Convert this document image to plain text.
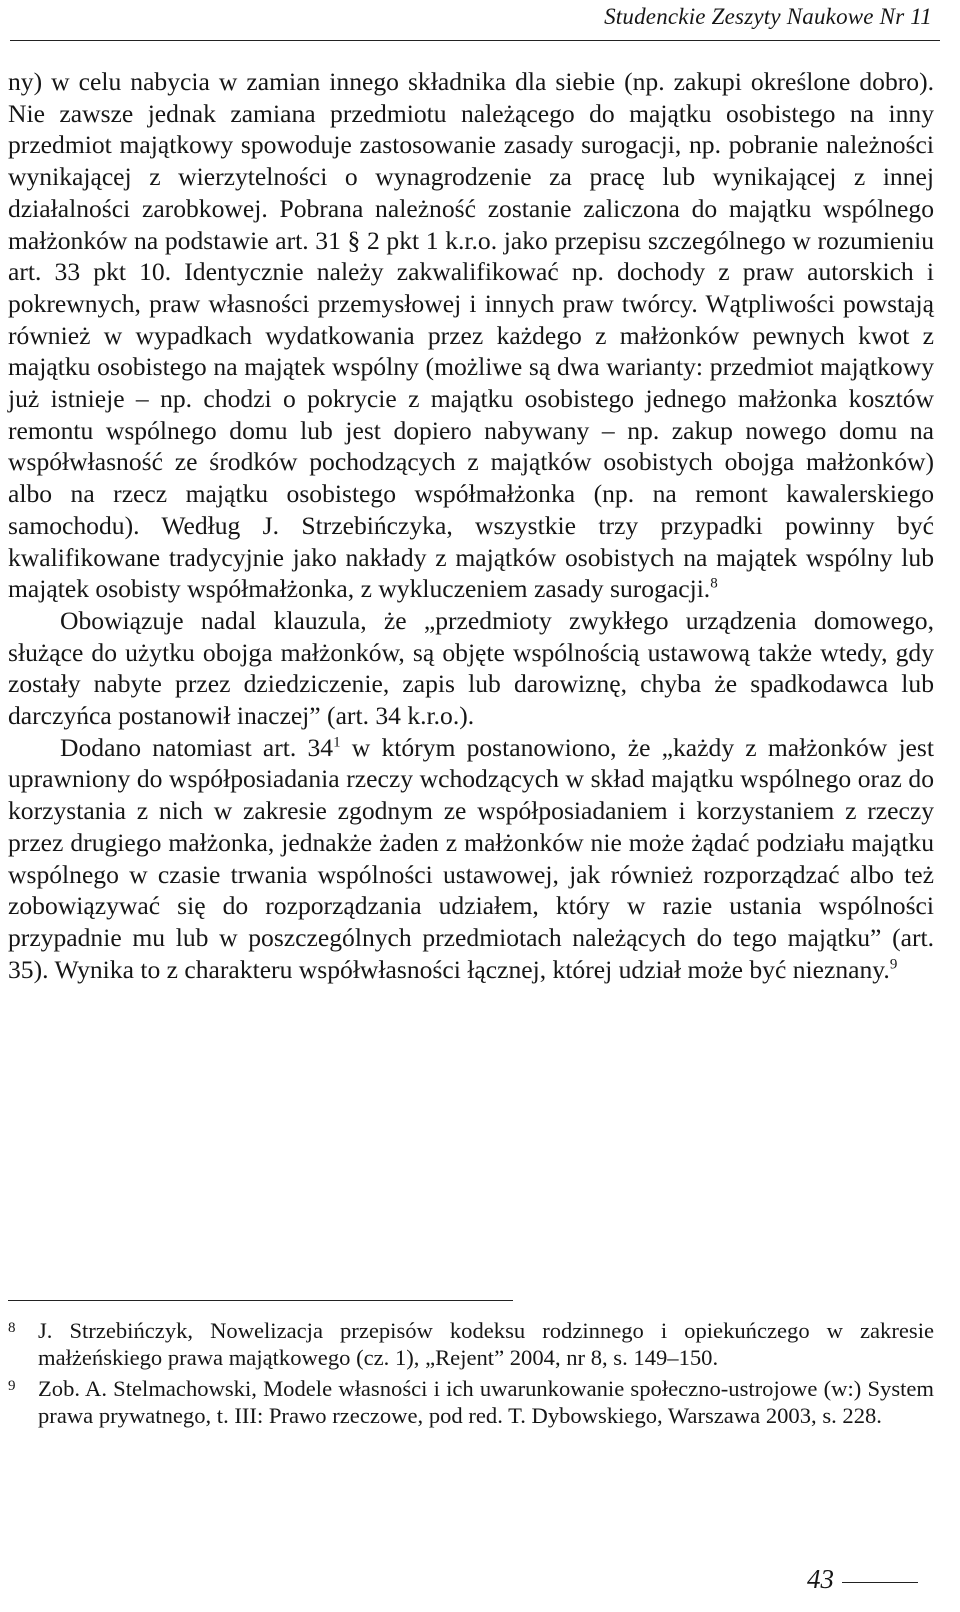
Studenckie Zeszyty Naukowe Nr 11

ny) w celu nabycia w zamian innego składnika dla siebie (np. zakupi określone dobro). Nie zawsze jednak zamiana przedmiotu należącego do majątku osobistego na inny przedmiot majątkowy spowoduje zastosowanie zasady surogacji, np. pobranie należności wynikającej z wierzytelności o wynagrodzenie za pracę lub wynikającej z innej działalności zarobkowej. Pobrana należność zostanie zaliczona do majątku wspólnego małżonków na podstawie art. 31 § 2 pkt 1 k.r.o. jako przepisu szczególnego w rozumieniu art. 33 pkt 10. Identycznie należy zakwalifikować np. dochody z praw autorskich i pokrewnych, praw własności przemysłowej i innych praw twórcy. Wątpliwości powstają również w wypadkach wydatkowania przez każdego z małżonków pewnych kwot z majątku osobistego na majątek wspólny (możliwe są dwa warianty: przedmiot majątkowy już istnieje – np. chodzi o pokrycie z majątku osobistego jednego małżonka kosztów remontu wspólnego domu lub jest dopiero nabywany – np. zakup nowego domu na współwłasność ze środków pochodzących z majątków osobistych obojga małżonków) albo na rzecz majątku osobistego współmałżonka (np. na remont kawalerskiego samochodu). Według J. Strzebińczyka, wszystkie trzy przypadki powinny być kwalifikowane tradycyjnie jako nakłady z majątków osobistych na majątek wspólny lub majątek osobisty współmałżonka, z wykluczeniem zasady surogacji.$^8$

Obowiązuje nadal klauzula, że „przedmioty zwykłego urządzenia domowego, służące do użytku obojga małżonków, są objęte wspólnością ustawową także wtedy, gdy zostały nabyte przez dziedziczenie, zapis lub darowiznę, chyba że spadkodawca lub darczyńca postanowił inaczej” (art. 34 k.r.o.).

Dodano natomiast art. $34^1$ w którym postanowiono, że „każdy z małżonków jest uprawniony do współposiadania rzeczy wchodzących w skład majątku wspólnego oraz do korzystania z nich w zakresie zgodnym ze współposiadaniem i korzystaniem z rzeczy przez drugiego małżonka, jednakże żaden z małżonków nie może żądać podziału majątku wspólnego w czasie trwania wspólności ustawowej, jak również rozporządzać albo też zobowiązywać się do rozporządzania udziałem, który w razie ustania wspólności przypadnie mu lub w poszczególnych przedmiotach należących do tego majątku” (art. 35). Wynika to z charakteru współwłasności łącznej, której udział może być nieznany.$^9$

8 J. Strzebińczyk, Nowelizacja przepisów kodeksu rodzinnego i opiekuńczego w zakresie małżeńskiego prawa majątkowego (cz. 1), „Rejent” 2004, nr 8, s. 149–150.
9 Zob. A. Stelmachowski, Modele własności i ich uwarunkowanie społeczno-ustrojowe (w:) System prawa prywatnego, t. III: Prawo rzeczowe, pod red. T. Dybowskiego, Warszawa 2003, s. 228.
43
